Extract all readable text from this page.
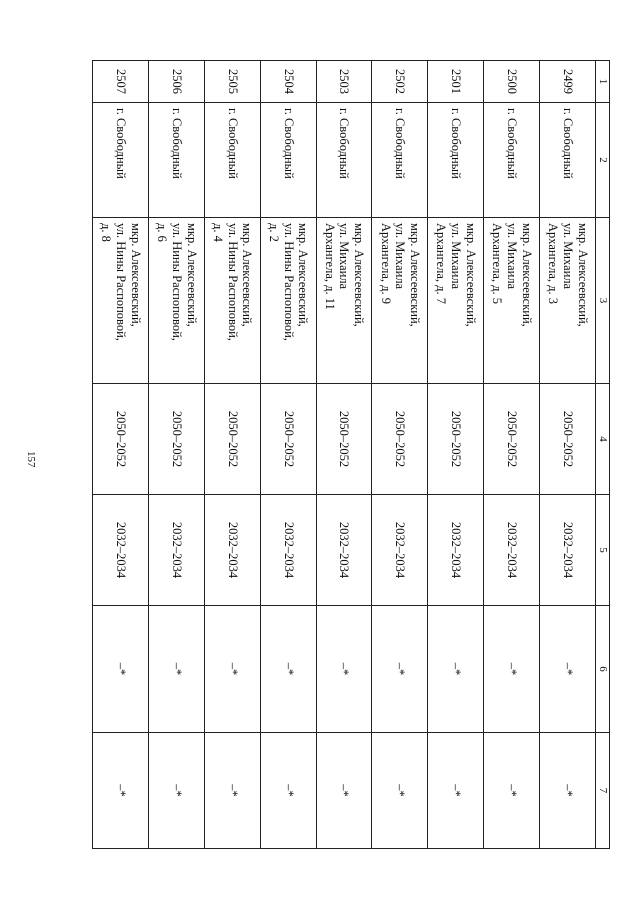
157
1	2	3	4	5	6	7
2499	г. Свободный	мкр. Алексеевский,
ул. Михаила
Архангела, д. 3	2050–2052	2032–2034	–*	–*
2500	г. Свободный	мкр. Алексеевский,
ул. Михаила
Архангела, д. 5	2050–2052	2032–2034	–*	–*
2501	г. Свободный	мкр. Алексеевский,
ул. Михаила
Архангела, д. 7	2050–2052	2032–2034	–*	–*
2502	г. Свободный	мкр. Алексеевский,
ул. Михаила
Архангела, д. 9	2050–2052	2032–2034	–*	–*
2503	г. Свободный	мкр. Алексеевский,
ул. Михаила
Архангела, д. 11	2050–2052	2032–2034	–*	–*
2504	г. Свободный	мкр. Алексеевский,
ул. Нины Распоповой,
д. 2	2050–2052	2032–2034	–*	–*
2505	г. Свободный	мкр. Алексеевский,
ул. Нины Распоповой,
д. 4	2050–2052	2032–2034	–*	–*
2506	г. Свободный	мкр. Алексеевский,
ул. Нины Распоповой,
д. 6	2050–2052	2032–2034	–*	–*
2507	г. Свободный	мкр. Алексеевский,
ул. Нины Распоповой,
д. 8	2050–2052	2032–2034	–*	–*
